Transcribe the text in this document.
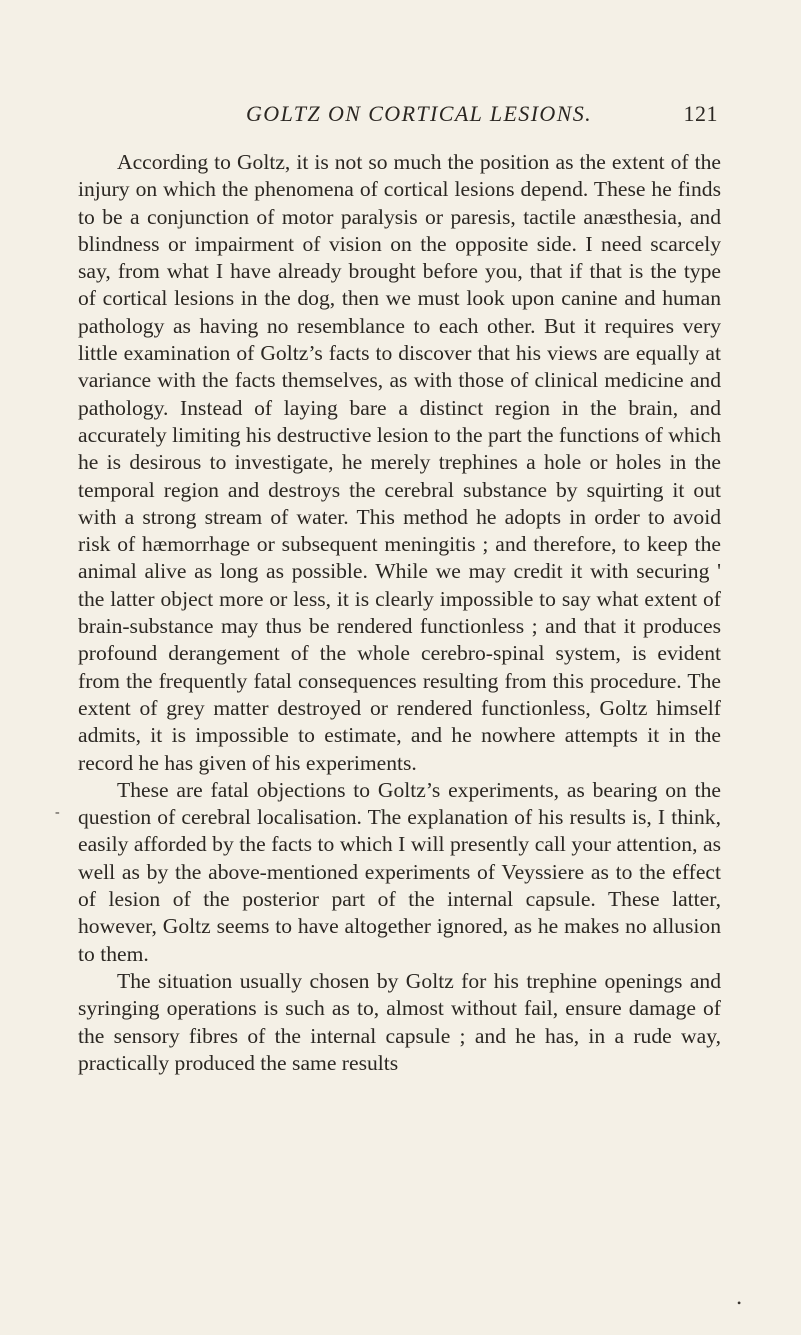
GOLTZ ON CORTICAL LESIONS.	121

According to Goltz, it is not so much the position as the extent of the injury on which the phenomena of cortical lesions depend. These he finds to be a conjunction of motor paralysis or paresis, tactile anæsthesia, and blindness or impairment of vision on the opposite side. I need scarcely say, from what I have already brought before you, that if that is the type of cortical lesions in the dog, then we must look upon canine and human pathology as having no resemblance to each other. But it requires very little examination of Goltz’s facts to discover that his views are equally at variance with the facts themselves, as with those of clinical medicine and pathology. Instead of laying bare a distinct region in the brain, and accurately limiting his destructive lesion to the part the functions of which he is desirous to investigate, he merely trephines a hole or holes in the temporal region and destroys the cerebral substance by squirting it out with a strong stream of water. This method he adopts in order to avoid risk of hæmorrhage or subsequent meningitis ; and therefore, to keep the animal alive as long as possible. While we may credit it with securing ' the latter object more or less, it is clearly impossible to say what extent of brain-substance may thus be rendered functionless ; and that it produces profound derangement of the whole cerebro-spinal system, is evident from the frequently fatal consequences resulting from this procedure. The extent of grey matter destroyed or rendered functionless, Goltz himself admits, it is impossible to estimate, and he nowhere attempts it in the record he has given of his experiments.

These are fatal objections to Goltz’s experiments, as bearing on the question of cerebral localisation. The explanation of his results is, I think, easily afforded by the facts to which I will presently call your attention, as well as by the above-mentioned experiments of Veyssiere as to the effect of lesion of the posterior part of the internal capsule. These latter, however, Goltz seems to have altogether ignored, as he makes no allusion to them.

The situation usually chosen by Goltz for his trephine openings and syringing operations is such as to, almost without fail, ensure damage of the sensory fibres of the internal capsule ; and he has, in a rude way, practically produced the same results

-
•
